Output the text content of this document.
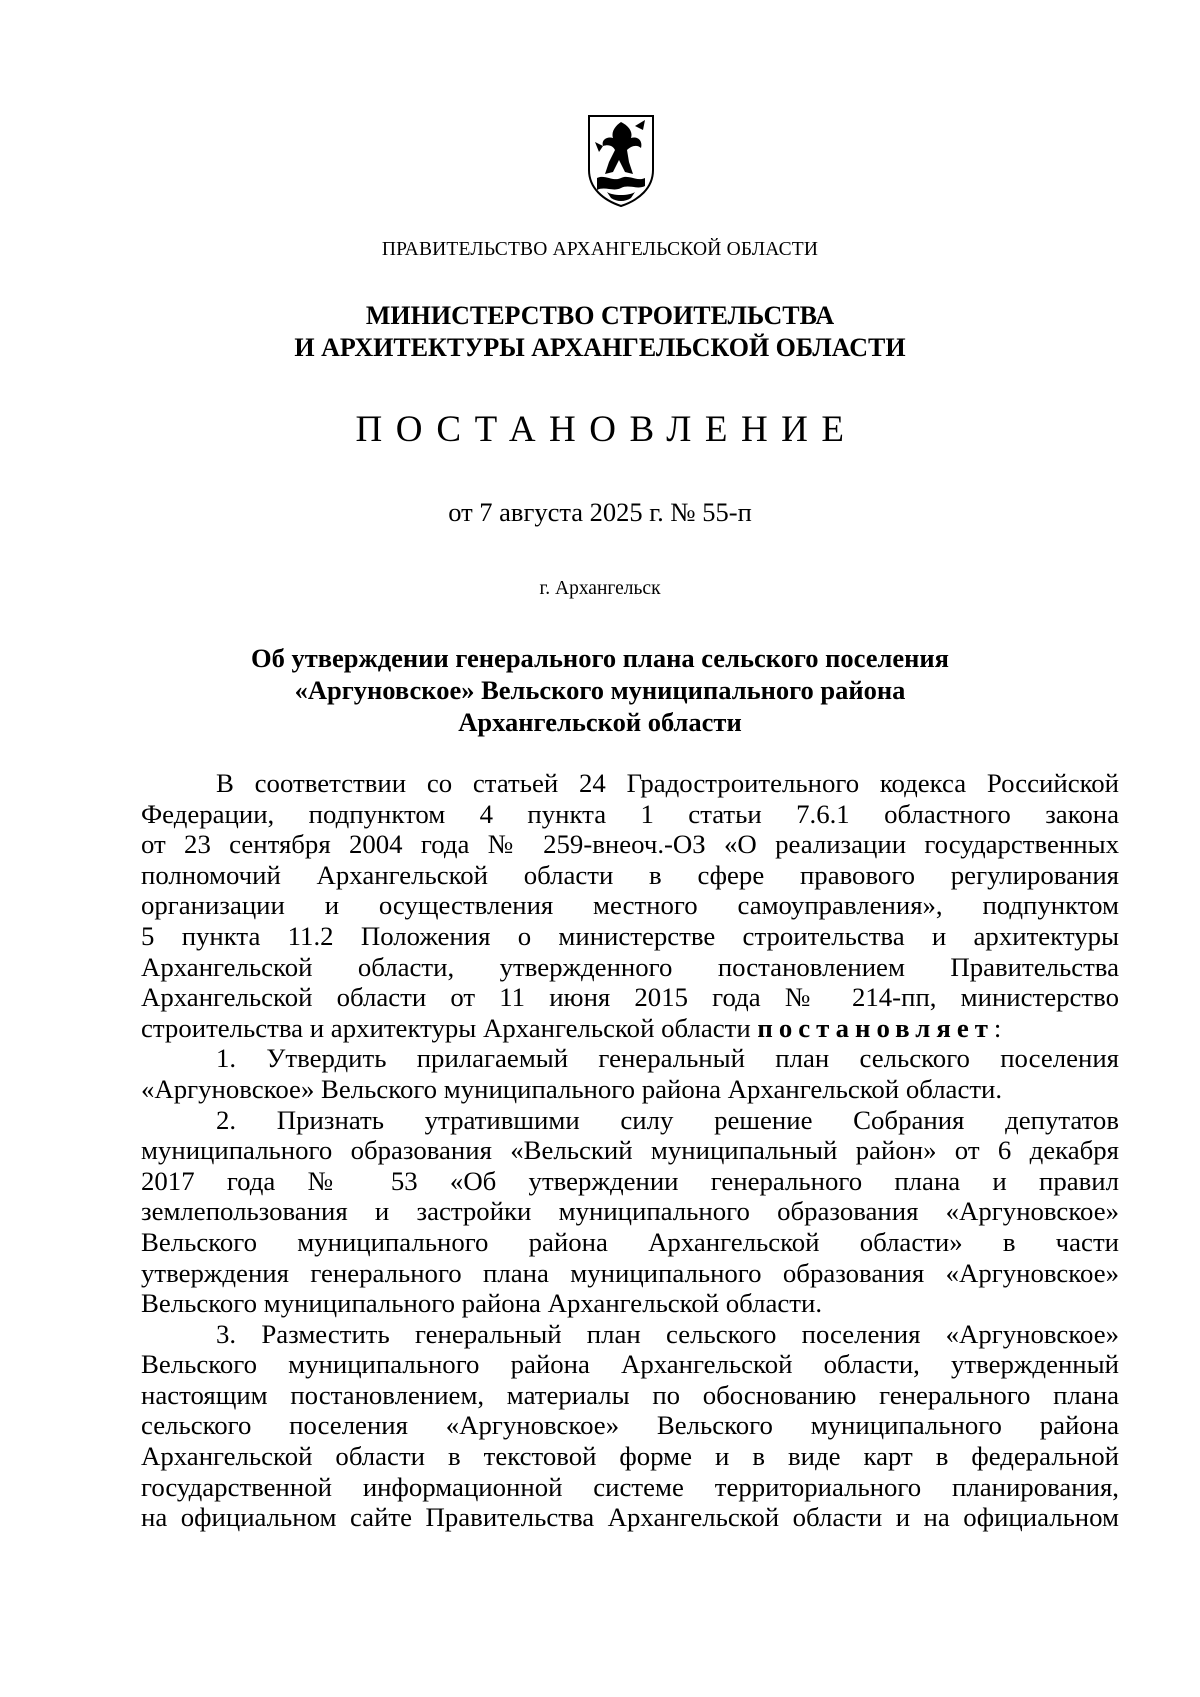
ПРАВИТЕЛЬСТВО АРХАНГЕЛЬСКОЙ ОБЛАСТИ
МИНИСТЕРСТВО СТРОИТЕЛЬСТВА
И АРХИТЕКТУРЫ АРХАНГЕЛЬСКОЙ ОБЛАСТИ
ПОСТАНОВЛЕНИЕ
от 7 августа 2025 г. № 55-п
г. Архангельск
Об утверждении генерального плана сельского поселения
«Аргуновское» Вельского муниципального района
Архангельской области
В соответствии со статьей 24 Градостроительного кодекса Российской
Федерации, подпунктом 4 пункта 1 статьи 7.6.1 областного закона
от 23 сентября 2004 года № 259-внеоч.-ОЗ «О реализации государственных
полномочий Архангельской области в сфере правового регулирования
организации и осуществления местного самоуправления», подпунктом
5 пункта 11.2 Положения о министерстве строительства и архитектуры
Архангельской области, утвержденного постановлением Правительства
Архангельской области от 11 июня 2015 года № 214-пп, министерство
строительства и архитектуры Архангельской области постановляет:
1. Утвердить прилагаемый генеральный план сельского поселения
«Аргуновское» Вельского муниципального района Архангельской области.
2. Признать утратившими силу решение Собрания депутатов
муниципального образования «Вельский муниципальный район» от 6 декабря
2017 года № 53 «Об утверждении генерального плана и правил
землепользования и застройки муниципального образования «Аргуновское»
Вельского муниципального района Архангельской области» в части
утверждения генерального плана муниципального образования «Аргуновское»
Вельского муниципального района Архангельской области.
3. Разместить генеральный план сельского поселения «Аргуновское»
Вельского муниципального района Архангельской области, утвержденный
настоящим постановлением, материалы по обоснованию генерального плана
сельского поселения «Аргуновское» Вельского муниципального района
Архангельской области в текстовой форме и в виде карт в федеральной
государственной информационной системе территориального планирования,
на официальном сайте Правительства Архангельской области и на официальном
